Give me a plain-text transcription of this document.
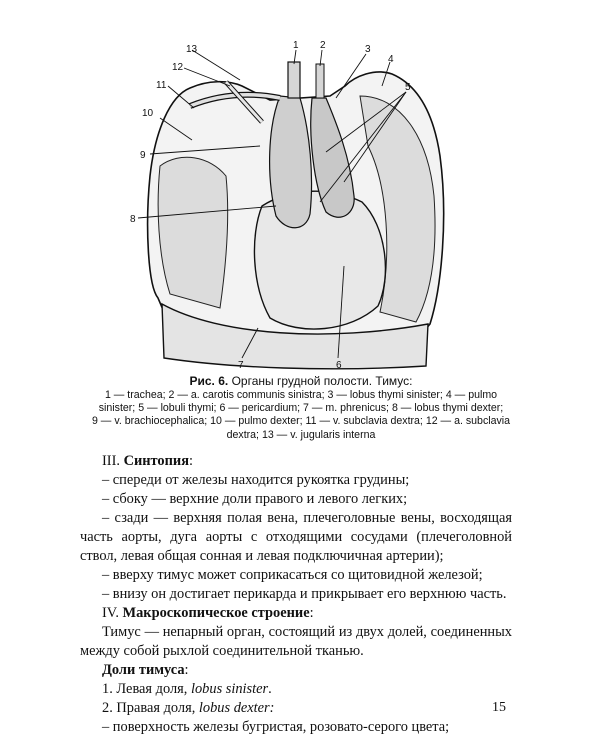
1 2	3
4
5
6
7
8
9
10
11
12
13
Рис. 6. Органы грудной полости. Тимус:
1 — trachea; 2 — a. carotis communis sinistra; 3 — lobus thymi sinister; 4 — pulmo
sinister; 5 — lobuli thymi; 6 — pericardium; 7 — m. phrenicus; 8 — lobus thymi dexter;
9 — v. brachiocephalica; 10 — pulmo dexter; 11 — v. subclavia dextra; 12 — a. subclavia
dextra; 13 — v. jugularis interna

III. Синтопия:

– спереди от железы находится рукоятка грудины;

– сбоку — верхние доли правого и левого легких;

– сзади — верхняя полая вена, плечеголовные вены, восходящая часть аорты, дуга аорты с отходящими сосудами (плечеголовной ствол, левая общая сонная и левая подключичная артерии);

– вверху тимус может соприкасаться со щитовидной железой;

– внизу он достигает перикарда и прикрывает его верхнюю часть.

IV. Макроскопическое строение:

Тимус — непарный орган, состоящий из двух долей, соединенных между собой рыхлой соединительной тканью.

Доли тимуса:

1. Левая доля, lobus sinister.

2. Правая доля, lobus dexter:

– поверхность железы бугристая, розовато-серого цвета;

15
